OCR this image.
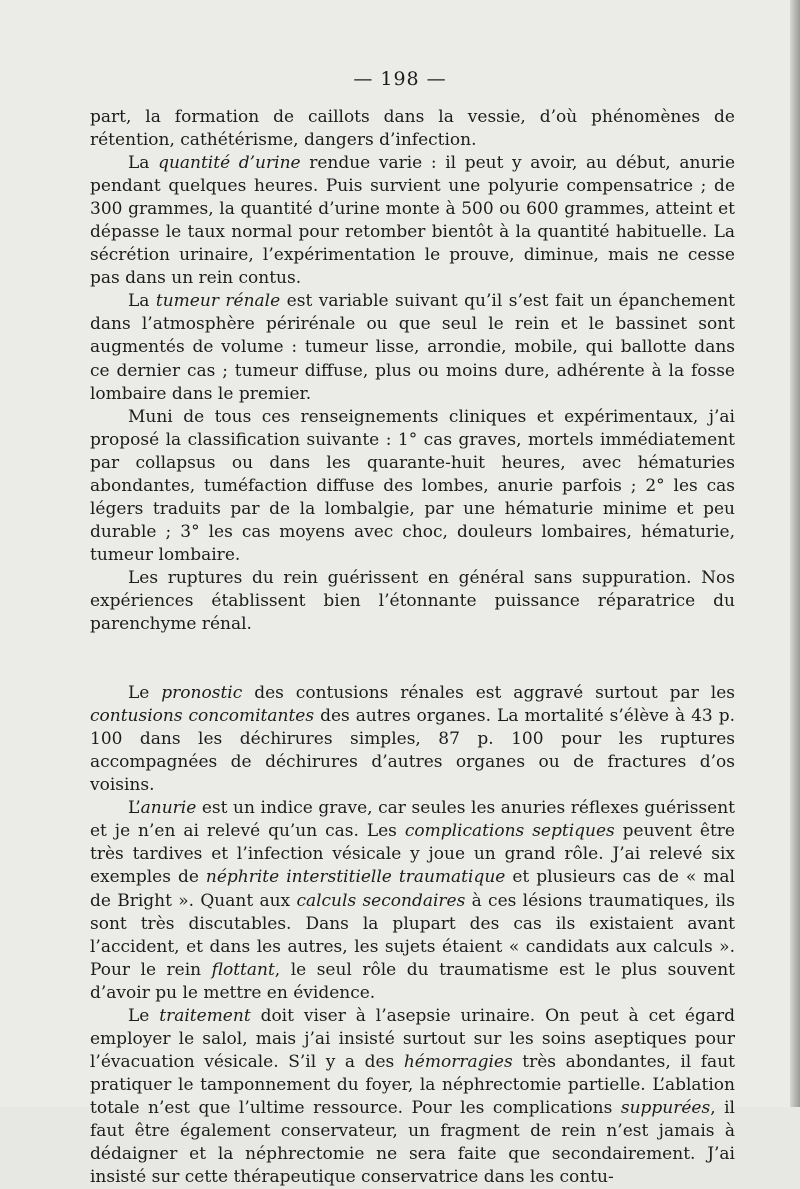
— 198 —

part, la formation de caillots dans la vessie, d’où phénomènes de rétention, cathétérisme, dangers d’infection.

La quantité d’urine rendue varie : il peut y avoir, au début, anurie pendant quelques heures. Puis survient une polyurie compensatrice ; de 300 grammes, la quantité d’urine monte à 500 ou 600 grammes, atteint et dépasse le taux normal pour retomber bientôt à la quantité habituelle. La sécrétion urinaire, l’expérimentation le prouve, diminue, mais ne cesse pas dans un rein contus.

La tumeur rénale est variable suivant qu’il s’est fait un épanchement dans l’atmosphère périrénale ou que seul le rein et le bassinet sont augmentés de volume : tumeur lisse, arrondie, mobile, qui ballotte dans ce dernier cas ; tumeur diffuse, plus ou moins dure, adhérente à la fosse lombaire dans le premier.

Muni de tous ces renseignements cliniques et expérimentaux, j’ai proposé la classification suivante : 1° cas graves, mortels immédiatement par collapsus ou dans les quarante-huit heures, avec hématuries abondantes, tuméfaction diffuse des lombes, anurie parfois ; 2° les cas légers traduits par de la lombalgie, par une hématurie minime et peu durable ; 3° les cas moyens avec choc, douleurs lombaires, hématurie, tumeur lombaire.

Les ruptures du rein guérissent en général sans suppuration. Nos expériences établissent bien l’étonnante puissance réparatrice du parenchyme rénal.

Le pronostic des contusions rénales est aggravé surtout par les contusions concomitantes des autres organes. La mortalité s’élève à 43 p. 100 dans les déchirures simples, 87 p. 100 pour les ruptures accompagnées de déchirures d’autres organes ou de fractures d’os voisins.

L’anurie est un indice grave, car seules les anuries réflexes guérissent et je n’en ai relevé qu’un cas. Les complications septiques peuvent être très tardives et l’infection vésicale y joue un grand rôle. J’ai relevé six exemples de néphrite interstitielle traumatique et plusieurs cas de « mal de Bright ». Quant aux calculs secondaires à ces lésions traumatiques, ils sont très discutables. Dans la plupart des cas ils existaient avant l’accident, et dans les autres, les sujets étaient « candidats aux calculs ». Pour le rein flottant, le seul rôle du traumatisme est le plus souvent d’avoir pu le mettre en évidence.

Le traitement doit viser à l’asepsie urinaire. On peut à cet égard employer le salol, mais j’ai insisté surtout sur les soins aseptiques pour l’évacuation vésicale. S’il y a des hémorragies très abondantes, il faut pratiquer le tamponnement du foyer, la néphrectomie partielle. L’ablation totale n’est que l’ultime ressource. Pour les complications suppurées, il faut être également conservateur, un fragment de rein n’est jamais à dédaigner et la néphrectomie ne sera faite que secondairement. J’ai insisté sur cette thérapeutique conservatrice dans les contu-
